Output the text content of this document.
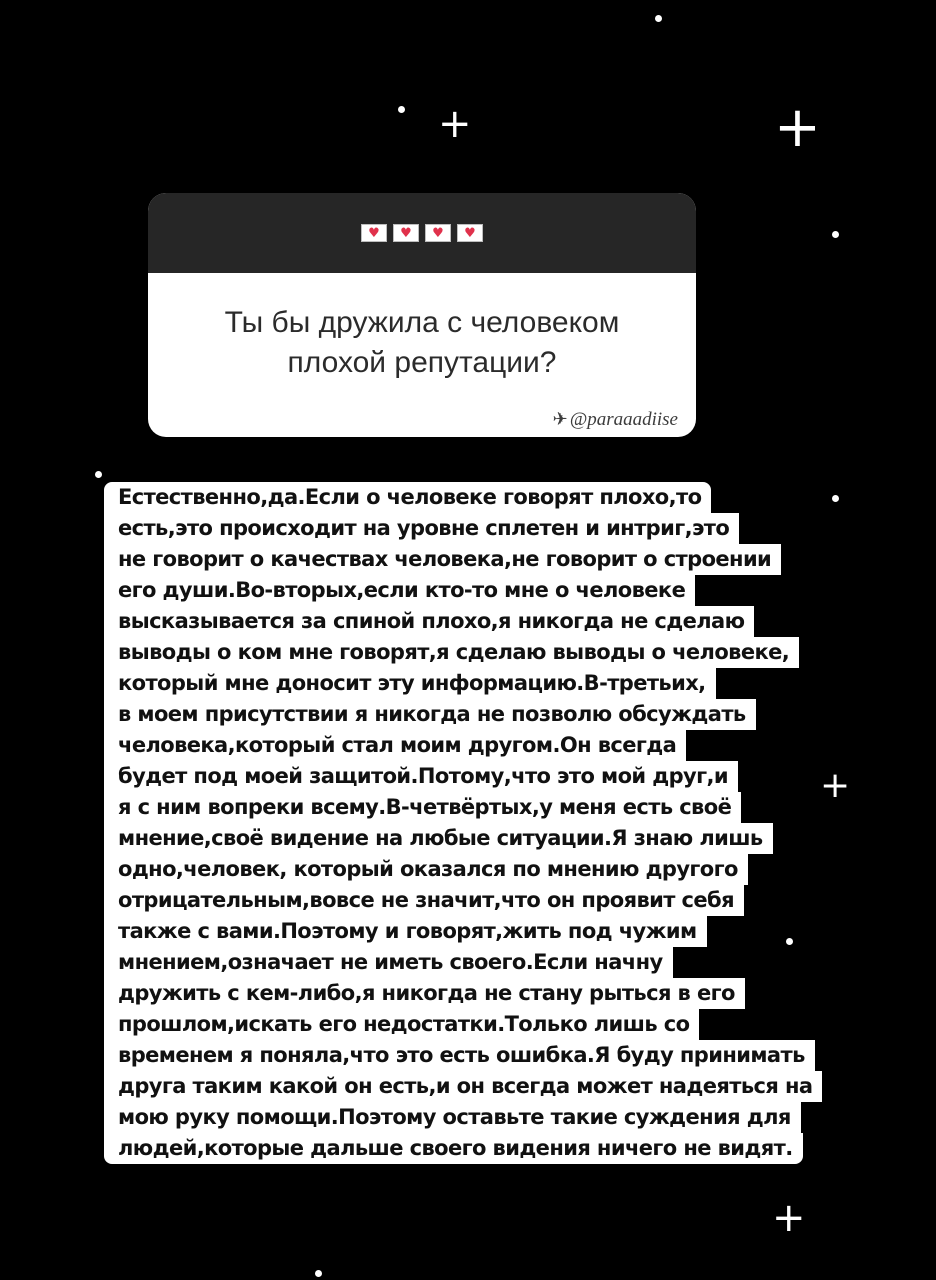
+	+
+
+
♥	♥	♥	♥
Ты бы дружила с человеком плохой репутации?
✈ @paraaadiise
Естественно,да.Если о человеке говорят плохо,то
есть,это происходит на уровне сплетен и интриг,это
не говорит о качествах человека,не говорит о строении
его души.Во-вторых,если кто-то мне о человеке
высказывается за спиной плохо,я никогда не сделаю
выводы о ком мне говорят,я сделаю выводы о человеке,
который мне доносит эту информацию.В-третьих,
в моем присутствии я никогда не позволю обсуждать
человека,который стал моим другом.Он всегда
будет под моей защитой.Потому,что это мой друг,и
я с ним вопреки всему.В-четвёртых,у меня есть своё
мнение,своё видение на любые ситуации.Я знаю лишь
одно,человек, который оказался по мнению другого
отрицательным,вовсе не значит,что он проявит себя
также с вами.Поэтому и говорят,жить под чужим
мнением,означает не иметь своего.Если начну
дружить с кем-либо,я никогда не стану рыться в его
прошлом,искать его недостатки.Только лишь со
временем я поняла,что это есть ошибка.Я буду принимать
друга таким какой он есть,и он всегда может надеяться на
мою руку помощи.Поэтому оставьте такие суждения для
людей,которые дальше своего видения ничего не видят.
